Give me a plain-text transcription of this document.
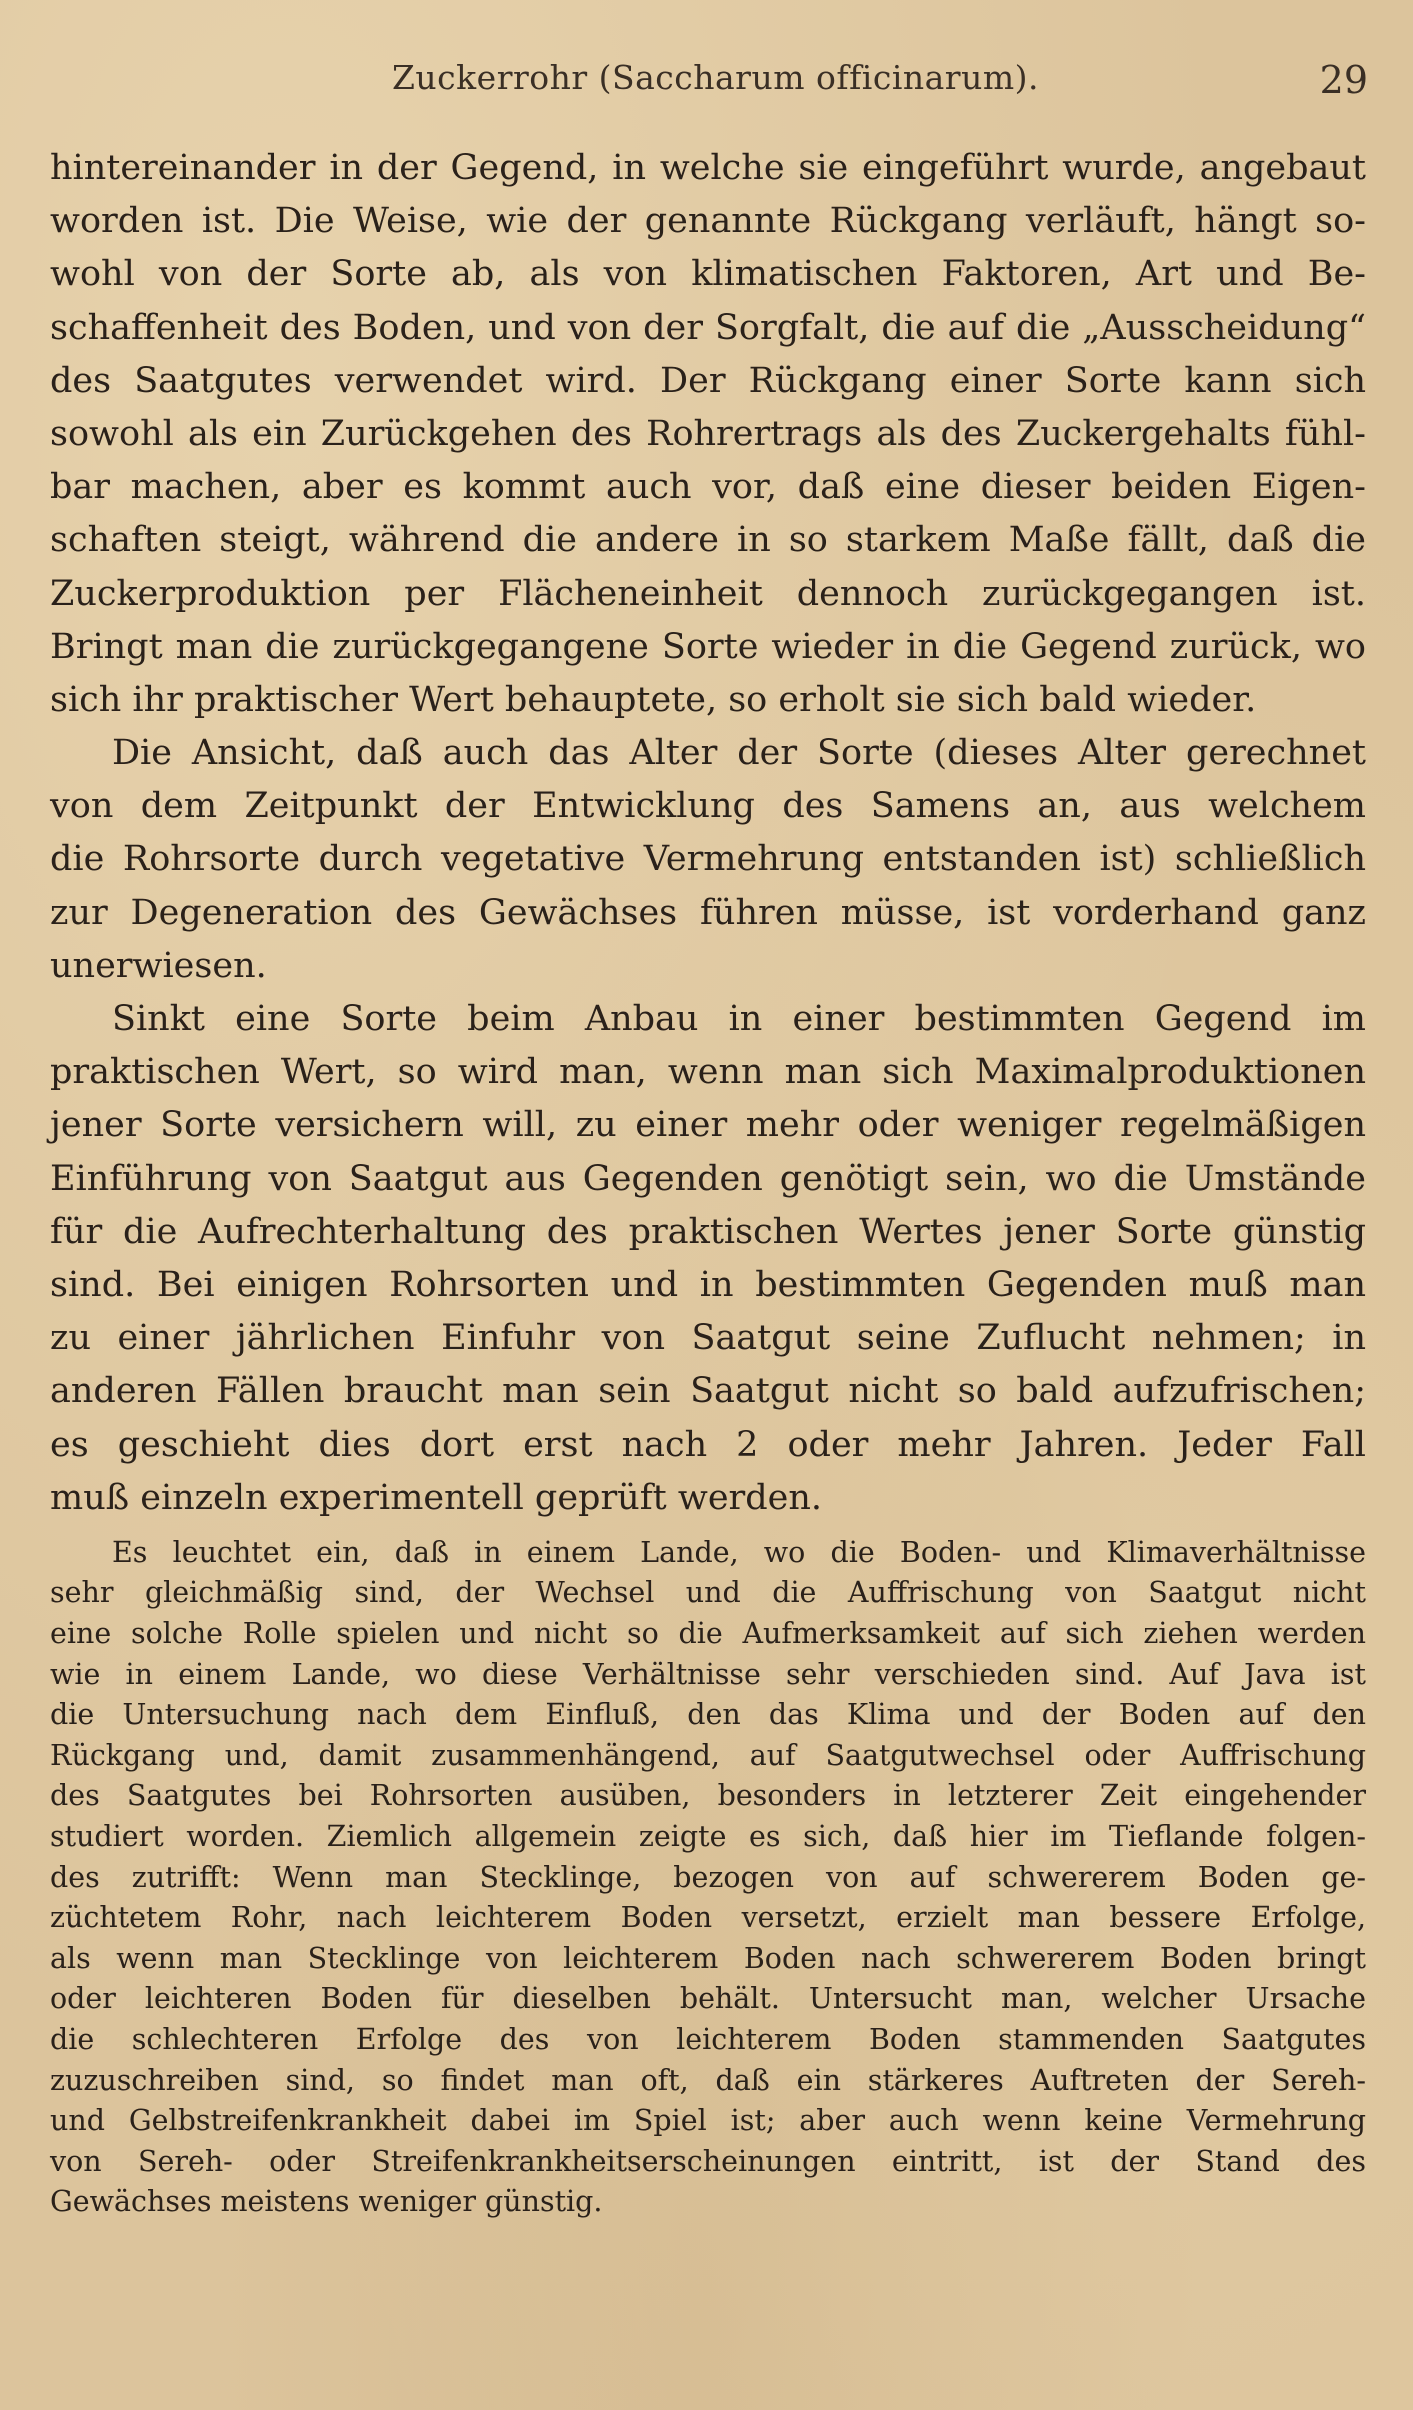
Zuckerrohr (Saccharum officinarum).	29
hintereinander in der Gegend, in welche sie eingeführt wurde, angebaut
worden ist. Die Weise, wie der genannte Rückgang verläuft, hängt so-
wohl von der Sorte ab, als von klimatischen Faktoren, Art und Be-
schaffenheit des Boden, und von der Sorgfalt, die auf die „Ausscheidung“
des Saatgutes verwendet wird. Der Rückgang einer Sorte kann sich
sowohl als ein Zurückgehen des Rohrertrags als des Zuckergehalts fühl-
bar machen, aber es kommt auch vor, daß eine dieser beiden Eigen-
schaften steigt, während die andere in so starkem Maße fällt, daß die
Zuckerproduktion per Flächeneinheit dennoch zurückgegangen ist.
Bringt man die zurückgegangene Sorte wieder in die Gegend zurück, wo
sich ihr praktischer Wert behauptete, so erholt sie sich bald wieder.
Die Ansicht, daß auch das Alter der Sorte (dieses Alter gerechnet
von dem Zeitpunkt der Entwicklung des Samens an, aus welchem
die Rohrsorte durch vegetative Vermehrung entstanden ist) schließlich
zur Degeneration des Gewächses führen müsse, ist vorderhand ganz
unerwiesen.
Sinkt eine Sorte beim Anbau in einer bestimmten Gegend im
praktischen Wert, so wird man, wenn man sich Maximalproduktionen
jener Sorte versichern will, zu einer mehr oder weniger regelmäßigen
Einführung von Saatgut aus Gegenden genötigt sein, wo die Umstände
für die Aufrechterhaltung des praktischen Wertes jener Sorte günstig
sind. Bei einigen Rohrsorten und in bestimmten Gegenden muß man
zu einer jährlichen Einfuhr von Saatgut seine Zuflucht nehmen; in
anderen Fällen braucht man sein Saatgut nicht so bald aufzufrischen;
es geschieht dies dort erst nach 2 oder mehr Jahren. Jeder Fall
muß einzeln experimentell geprüft werden.
Es leuchtet ein, daß in einem Lande, wo die Boden- und Klimaverhältnisse
sehr gleichmäßig sind, der Wechsel und die Auffrischung von Saatgut nicht
eine solche Rolle spielen und nicht so die Aufmerksamkeit auf sich ziehen werden
wie in einem Lande, wo diese Verhältnisse sehr verschieden sind. Auf Java ist
die Untersuchung nach dem Einfluß, den das Klima und der Boden auf den
Rückgang und, damit zusammenhängend, auf Saatgutwechsel oder Auffrischung
des Saatgutes bei Rohrsorten ausüben, besonders in letzterer Zeit eingehender
studiert worden. Ziemlich allgemein zeigte es sich, daß hier im Tieflande folgen-
des zutrifft: Wenn man Stecklinge, bezogen von auf schwererem Boden ge-
züchtetem Rohr, nach leichterem Boden versetzt, erzielt man bessere Erfolge,
als wenn man Stecklinge von leichterem Boden nach schwererem Boden bringt
oder leichteren Boden für dieselben behält. Untersucht man, welcher Ursache
die schlechteren Erfolge des von leichterem Boden stammenden Saatgutes
zuzuschreiben sind, so findet man oft, daß ein stärkeres Auftreten der Sereh-
und Gelbstreifenkrankheit dabei im Spiel ist; aber auch wenn keine Vermehrung
von Sereh- oder Streifenkrankheitserscheinungen eintritt, ist der Stand des
Gewächses meistens weniger günstig.
